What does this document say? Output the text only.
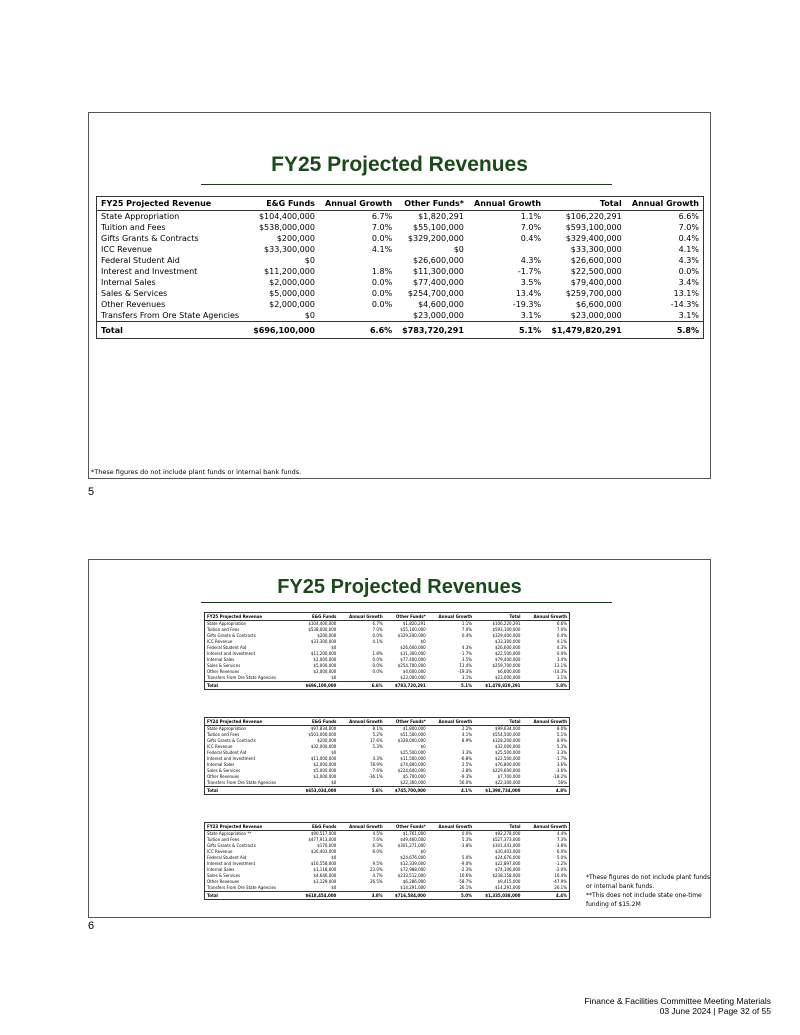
FY25 Projected Revenues
FY25 Projected Revenue	E&G Funds	Annual Growth	Other Funds*	Annual Growth	Total	Annual Growth
State Appropriation	$104,400,000	6.7%	$1,820,291	1.1%	$106,220,291	6.6%
Tuition and Fees	$538,000,000	7.0%	$55,100,000	7.0%	$593,100,000	7.0%
Gifts Grants & Contracts	$200,000	0.0%	$329,200,000	0.4%	$329,400,000	0.4%
ICC Revenue	$33,300,000	4.1%	$0		$33,300,000	4.1%
Federal Student Aid	$0		$26,600,000	4.3%	$26,600,000	4.3%
Interest and Investment	$11,200,000	1.8%	$11,300,000	-1.7%	$22,500,000	0.0%
Internal Sales	$2,000,000	0.0%	$77,400,000	3.5%	$79,400,000	3.4%
Sales & Services	$5,000,000	0.0%	$254,700,000	13.4%	$259,700,000	13.1%
Other Revenues	$2,000,000	0.0%	$4,600,000	-19.3%	$6,600,000	-14.3%
Transfers From Ore State Agencies	$0		$23,000,000	3.1%	$23,000,000	3.1%
Total	$696,100,000	6.6%	$783,720,291	5.1%	$1,479,820,291	5.8%
*These figures do not include plant funds or internal bank funds.
5
FY25 Projected Revenues
FY25 Projected Revenue	E&G Funds	Annual Growth	Other Funds*	Annual Growth	Total	Annual Growth
State Appropriation	$104,400,000	6.7%	$1,820,291	1.1%	$106,220,291	6.6%
Tuition and Fees	$538,000,000	7.0%	$55,100,000	7.0%	$593,100,000	7.0%
Gifts Grants & Contracts	$200,000	0.0%	$329,200,000	0.4%	$329,400,000	0.4%
ICC Revenue	$33,300,000	4.1%	$0		$33,300,000	4.1%
Federal Student Aid	$0		$26,600,000	4.3%	$26,600,000	4.3%
Interest and Investment	$11,200,000	1.8%	$11,300,000	-1.7%	$22,500,000	0.0%
Internal Sales	$2,000,000	0.0%	$77,400,000	3.5%	$79,400,000	3.4%
Sales & Services	$5,000,000	0.0%	$254,700,000	13.4%	$259,700,000	13.1%
Other Revenues	$2,000,000	0.0%	$4,600,000	-19.3%	$6,600,000	-14.3%
Transfers From Ore State Agencies	$0		$23,000,000	3.1%	$23,000,000	3.1%
Total	$696,100,000	6.6%	$783,720,291	5.1%	$1,479,820,291	5.8%
FY24 Projected Revenue	E&G Funds	Annual Growth	Other Funds*	Annual Growth	Total	Annual Growth
State Appropriation	$97,834,000	8.1%	$1,800,000	2.2%	$99,634,000	8.0%
Tuition and Fees	$503,000,000	5.2%	$51,500,000	4.1%	$554,500,000	5.1%
Gifts Grants & Contracts	$200,000	17.6%	$328,000,000	8.9%	$328,200,000	8.9%
ICC Revenue	$32,000,000	5.3%	$0		$32,000,000	5.3%
Federal Student Aid	$0		$25,500,000	3.3%	$25,500,000	3.3%
Interest and Investment	$11,000,000	4.3%	$11,500,000	-6.8%	$22,500,000	-1.7%
Internal Sales	$2,000,000	78.9%	$74,800,000	2.5%	$76,800,000	3.6%
Sales & Services	$5,000,000	7.6%	$224,600,000	-3.8%	$229,600,000	-3.6%
Other Revenues	$2,000,000	-36.1%	$5,700,000	-9.3%	$7,700,000	-18.2%
Transfers From Ore State Agencies	$0		$22,300,000	56.0%	$22,300,000	56%
Total	$653,034,000	5.6%	$745,700,000	4.1%	$1,398,734,000	4.8%
FY23 Projected Revenue	E&G Funds	Annual Growth	Other Funds*	Annual Growth	Total	Annual Growth
State Appropriation **	$90,517,000	4.5%	$1,761,000	0.0%	$92,278,000	4.4%
Tuition and Fees	$477,913,000	7.6%	$49,460,000	5.3%	$527,373,000	7.3%
Gifts Grants & Contracts	$170,000	6.3%	$301,271,000	-3.8%	$301,441,000	-3.8%
ICC Revenue	$30,403,000	6.0%	$0		$30,403,000	6.0%
Federal Student Aid	$0		$24,676,000	5.0%	$24,676,000	5.0%
Interest and Investment	$10,558,000	9.5%	$12,339,000	-9.0%	$22,897,000	-1.2%
Internal Sales	$1,118,000	23.0%	$72,988,000	-2.3%	$74,106,000	-2.0%
Sales & Services	$4,646,000	4.7%	$233,512,000	16.6%	$238,158,000	16.4%
Other Revenues	$3,129,000	26.5%	$6,286,000	-58.7%	$9,415,000	-47.9%
Transfers From Ore State Agencies	$0		$14,291,000	26.1%	$14,291,000	26.1%
Total	$618,454,000	3.8%	$716,584,000	5.0%	$1,335,038,000	4.4%
*These figures do not include plant funds
or internal bank funds.
**This does not include state one-time
funding of $15.2M
6
Finance & Facilities Committee Meeting Materials
03 June 2024 | Page 32 of 55
